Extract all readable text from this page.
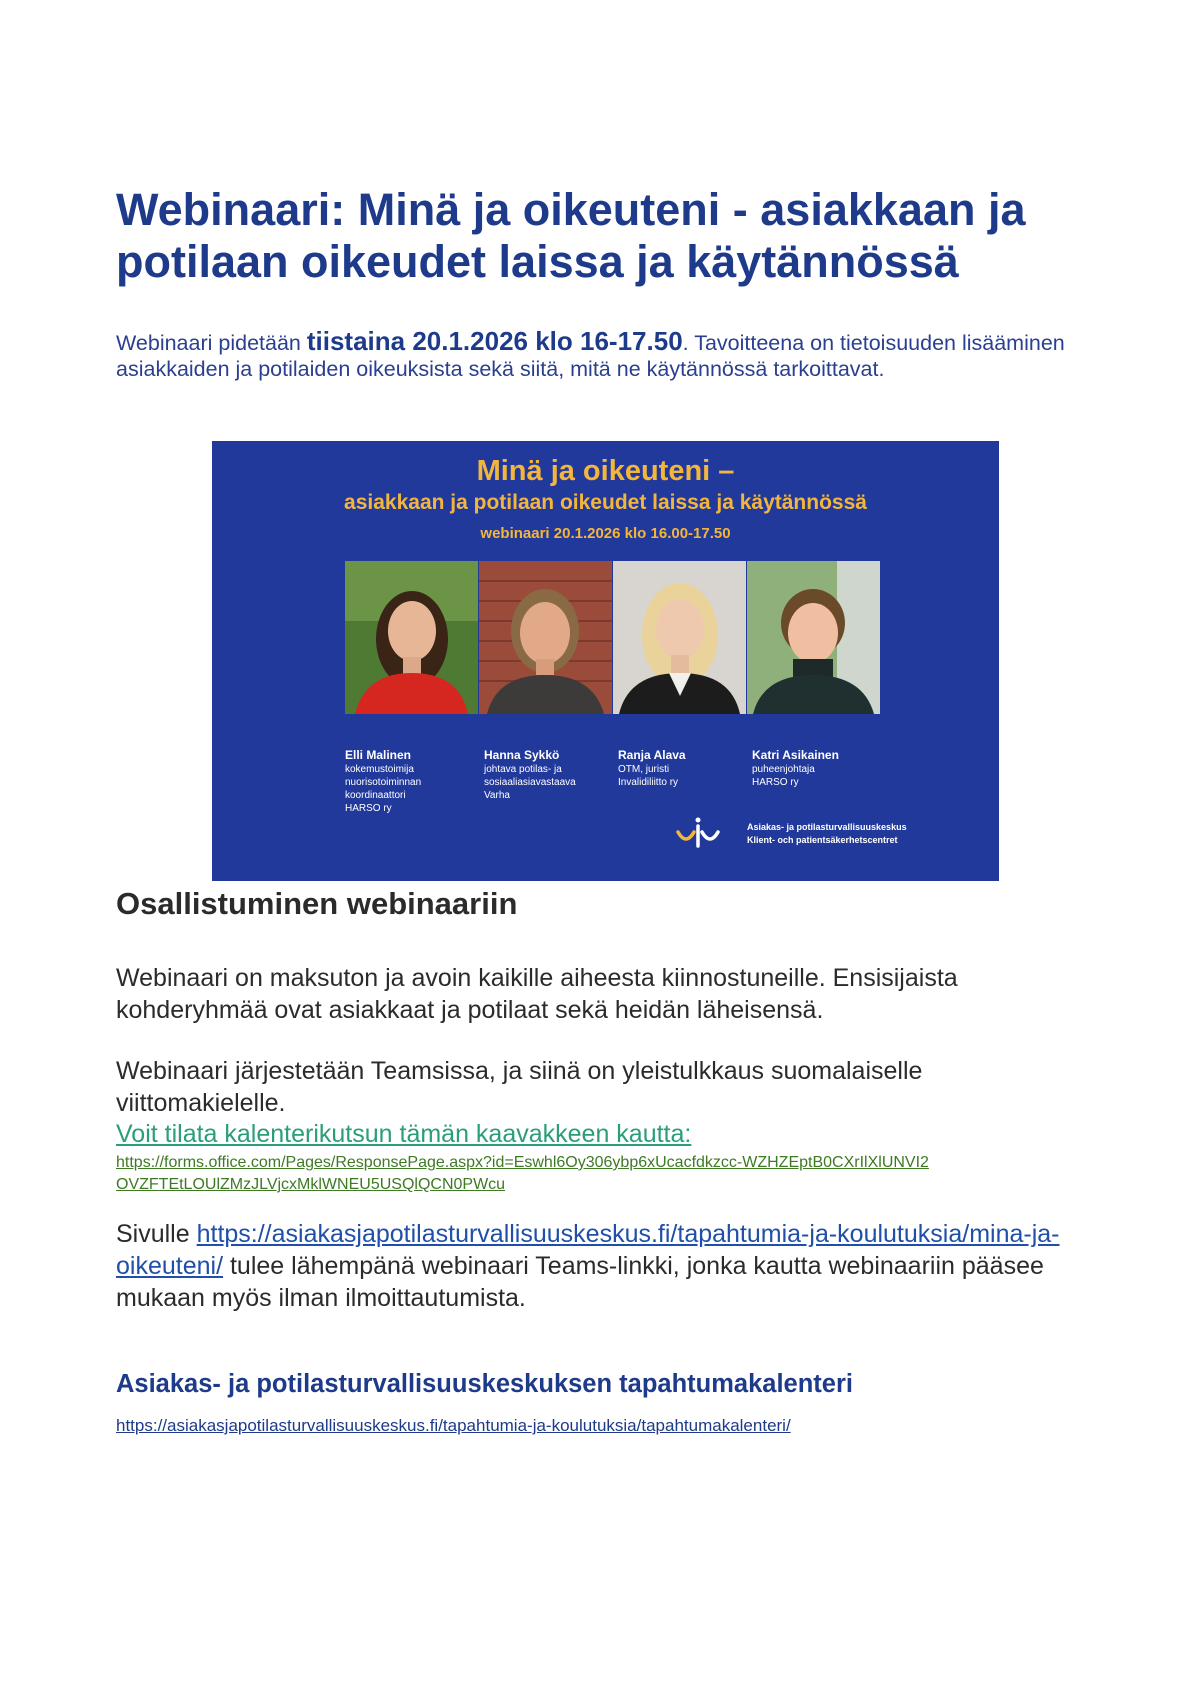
Webinaari: Minä ja oikeuteni - asiakkaan ja
potilaan oikeudet laissa ja käytännössä
Webinaari pidetään tiistaina 20.1.2026 klo 16-17.50. Tavoitteena on tietoisuuden lisääminen asiakkaiden ja potilaiden oikeuksista sekä siitä, mitä ne käytännössä tarkoittavat.
Minä ja oikeuteni –
asiakkaan ja potilaan oikeudet laissa ja käytännössä
webinaari 20.1.2026 klo 16.00-17.50
Elli Malinen
kokemustoimija
nuorisotoiminnan
koordinaattori
HARSO ry
Hanna Sykkö
johtava potilas- ja
sosiaaliasiavastaava
Varha
Ranja Alava
OTM, juristi
Invalidiliitto ry
Katri Asikainen
puheenjohtaja
HARSO ry
Asiakas- ja potilasturvallisuuskeskus
Klient- och patientsäkerhetscentret
Osallistuminen webinaariin

Webinaari on maksuton ja avoin kaikille aiheesta kiinnostuneille. Ensisijaista kohderyhmää ovat asiakkaat ja potilaat sekä heidän läheisensä.

Webinaari järjestetään Teamsissa, ja siinä on yleistulkkaus suomalaiselle viittomakielelle.

Voit tilata kalenterikutsun tämän kaavakkeen kautta:
https://forms.office.com/Pages/ResponsePage.aspx?id=Eswhl6Oy306ybp6xUcacfdkzcc-WZHZEptB0CXrIlXlUNVI2OVZFTEtLOUlZMzJLVjcxMklWNEU5USQlQCN0PWcu

Sivulle https://asiakasjapotilasturvallisuuskeskus.fi/tapahtumia-ja-koulutuksia/mina-ja-oikeuteni/ tulee lähempänä webinaari Teams-linkki, jonka kautta webinaariin pääsee mukaan myös ilman ilmoittautumista.

Asiakas- ja potilasturvallisuuskeskuksen tapahtumakalenteri
https://asiakasjapotilasturvallisuuskeskus.fi/tapahtumia-ja-koulutuksia/tapahtumakalenteri/
